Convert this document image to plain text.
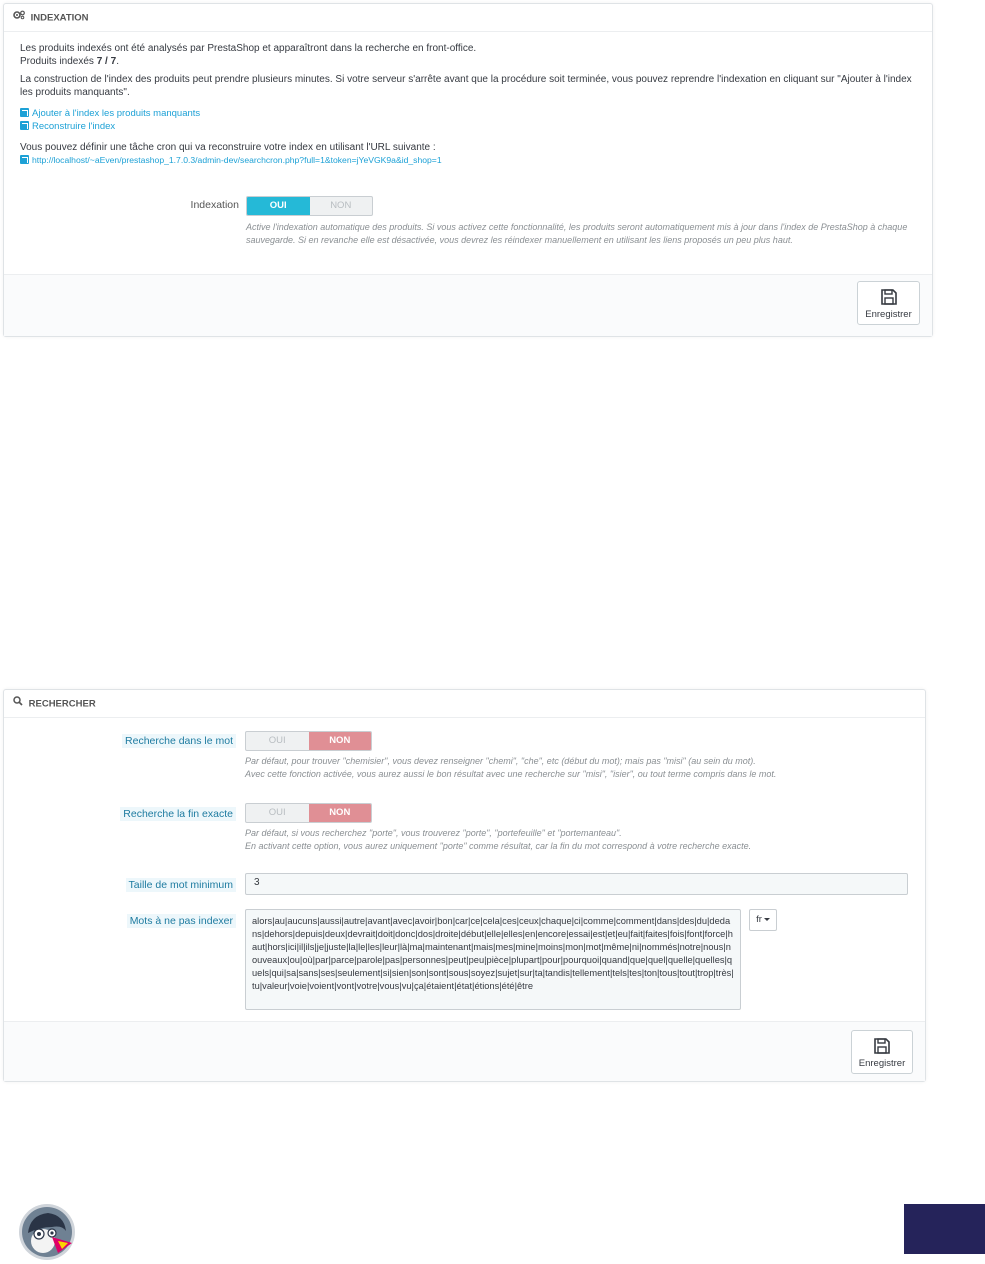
INDEXATION

Les produits indexés ont été analysés par PrestaShop et apparaîtront dans la recherche en front-office.

Produits indexés 7 / 7.

La construction de l'index des produits peut prendre plusieurs minutes. Si votre serveur s'arrête avant que la procédure soit terminée, vous pouvez reprendre l'indexation en cliquant sur "Ajouter à l'index les produits manquants".

Ajouter à l'index les produits manquants
Reconstruire l'index

Vous pouvez définir une tâche cron qui va reconstruire votre index en utilisant l'URL suivante :

http://localhost/~aEven/prestashop_1.7.0.3/admin-dev/searchcron.php?full=1&token=jYeVGK9a&id_shop=1
Indexation	OUI	NON
Active l'indexation automatique des produits. Si vous activez cette fonctionnalité, les produits seront automatiquement mis à jour dans l'index de PrestaShop à chaque sauvegarde. Si en revanche elle est désactivée, vous devrez les réindexer manuellement en utilisant les liens proposés un peu plus haut.
Enregistrer
RECHERCHER
Recherche dans le mot	OUI	NON
Par défaut, pour trouver "chemisier", vous devez renseigner "chemi", "che", etc (début du mot); mais pas "misi" (au sein du mot).
Avec cette fonction activée, vous aurez aussi le bon résultat avec une recherche sur "misi", "isier", ou tout terme compris dans le mot.
Recherche la fin exacte	OUI	NON
Par défaut, si vous recherchez "porte", vous trouverez "porte", "portefeuille" et "portemanteau".
En activant cette option, vous aurez uniquement "porte" comme résultat, car la fin du mot correspond à votre recherche exacte.
Taille de mot minimum	3
Mots à ne pas indexer	alors|au|aucuns|aussi|autre|avant|avec|avoir|bon|car|ce|cela|ces|ceux|chaque|ci|comme|comment|dans|des|du|dedans|dehors|depuis|deux|devrait|doit|donc|dos|droite|début|elle|elles|en|encore|essai|est|et|eu|fait|faites|fois|font|force|haut|hors|ici|il|ils|je|juste|la|le|les|leur|là|ma|maintenant|mais|mes|mine|moins|mon|mot|même|ni|nommés|notre|nous|nouveaux|ou|où|par|parce|parole|pas|personnes|peut|peu|pièce|plupart|pour|pourquoi|quand|que|quel|quelle|quelles|quels|qui|sa|sans|ses|seulement|si|sien|son|sont|sous|soyez|sujet|sur|ta|tandis|tellement|tels|tes|ton|tous|tout|trop|très|tu|valeur|voie|voient|vont|votre|vous|vu|ça|étaient|état|étions|été|être
fr
Enregistrer
